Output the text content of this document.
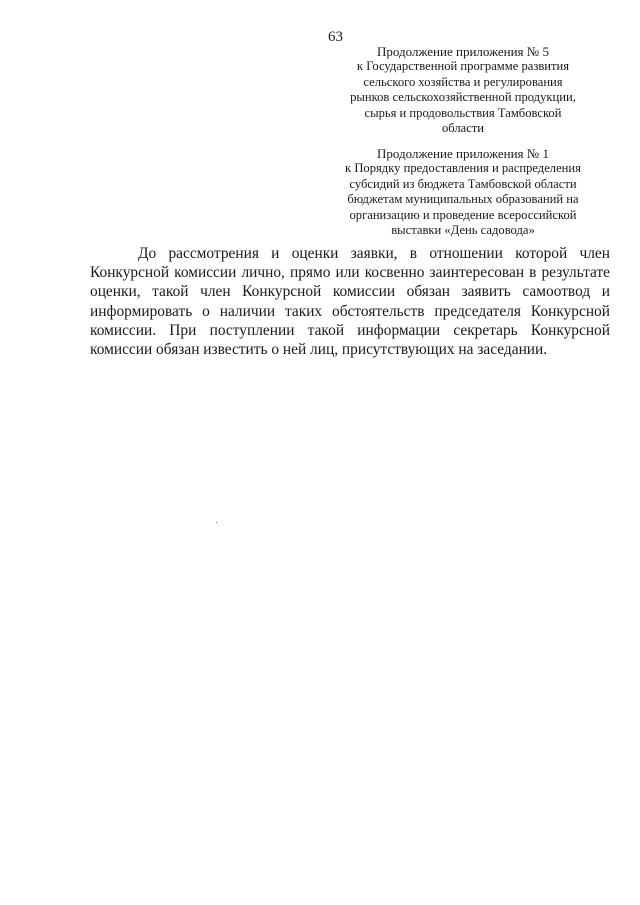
63
Продолжение приложения № 5
к Государственной программе развития
сельского хозяйства и регулирования
рынков сельскохозяйственной продукции,
сырья и продовольствия Тамбовской
области
Продолжение приложения № 1
к Порядку предоставления и распределения
субсидий из бюджета Тамбовской области
бюджетам муниципальных образований на
организацию и проведение всероссийской
выставки «День садовода»
До рассмотрения и оценки заявки, в отношении которой член
Конкурсной комиссии лично, прямо или косвенно заинтересован в результате
оценки, такой член Конкурсной комиссии обязан заявить самоотвод и
информировать о наличии таких обстоятельств председателя Конкурсной
комиссии. При поступлении такой информации секретарь Конкурсной
комиссии обязан известить о ней лиц, присутствующих на заседании.
